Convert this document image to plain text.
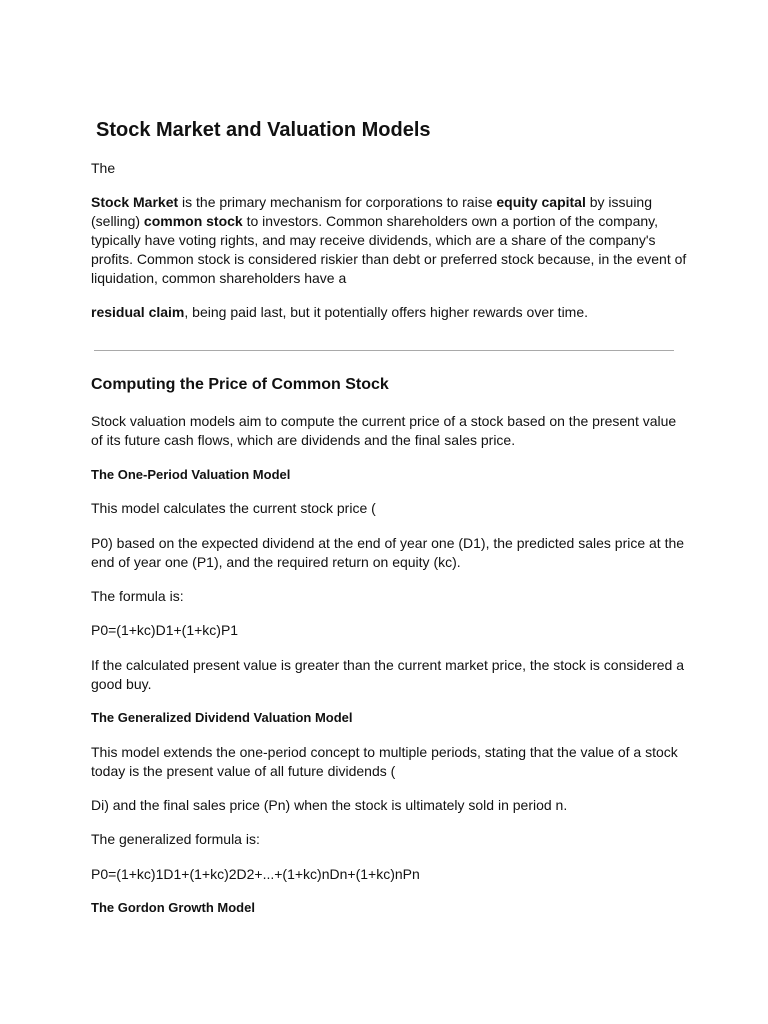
Stock Market and Valuation Models

The

Stock Market is the primary mechanism for corporations to raise equity capital by issuing (selling) common stock to investors. Common shareholders own a portion of the company, typically have voting rights, and may receive dividends, which are a share of the company's profits. Common stock is considered riskier than debt or preferred stock because, in the event of liquidation, common shareholders have a

residual claim, being paid last, but it potentially offers higher rewards over time.

Computing the Price of Common Stock

Stock valuation models aim to compute the current price of a stock based on the present value of its future cash flows, which are dividends and the final sales price.

The One-Period Valuation Model

This model calculates the current stock price (

P0) based on the expected dividend at the end of year one (D1), the predicted sales price at the end of year one (P1), and the required return on equity (kc).

The formula is:

P0=(1+kc)D1+(1+kc)P1

If the calculated present value is greater than the current market price, the stock is considered a good buy.

The Generalized Dividend Valuation Model

This model extends the one-period concept to multiple periods, stating that the value of a stock today is the present value of all future dividends (

Di) and the final sales price (Pn) when the stock is ultimately sold in period n.

The generalized formula is:

P0=(1+kc)1D1+(1+kc)2D2+...+(1+kc)nDn+(1+kc)nPn

The Gordon Growth Model
